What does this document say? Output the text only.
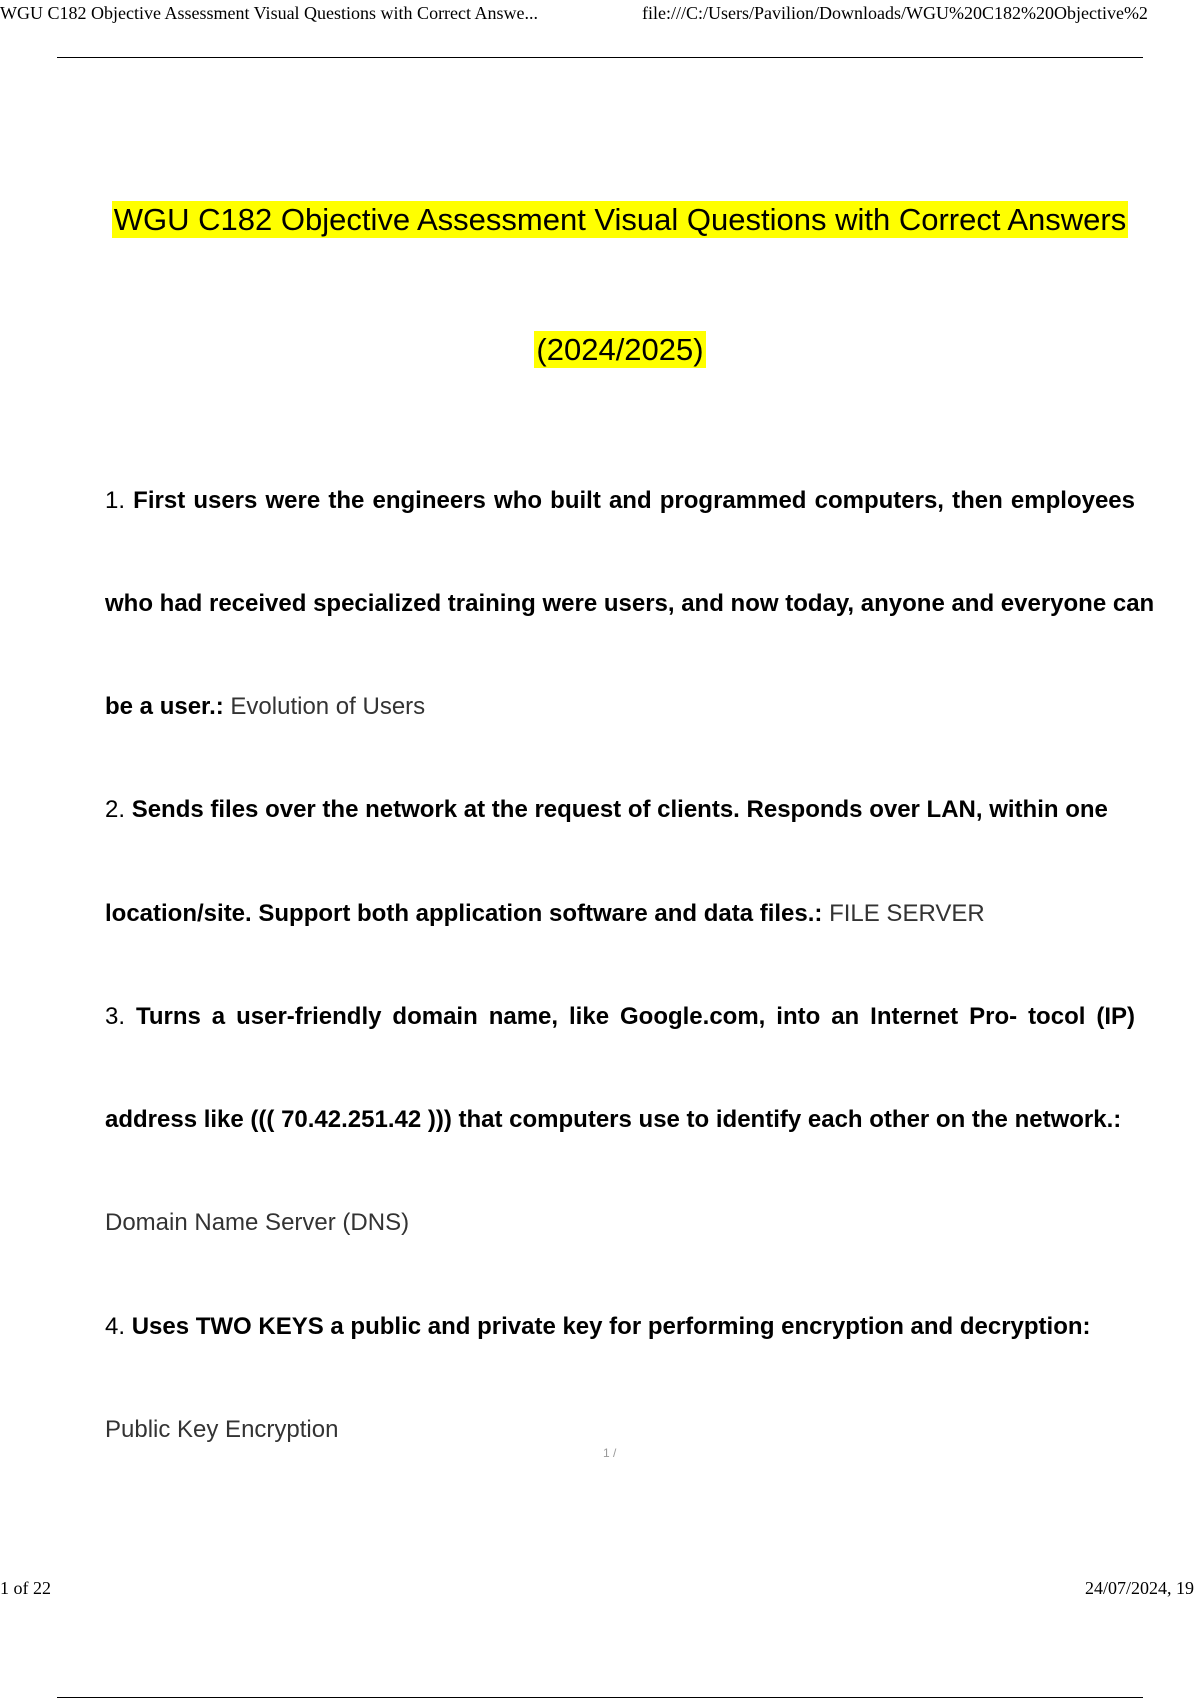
WGU C182 Objective Assessment Visual Questions with Correct Answe...	file:///C:/Users/Pavilion/Downloads/WGU%20C182%20Objective%2
WGU C182 Objective Assessment Visual Questions with Correct Answers
(2024/2025)
1. First users were the engineers who built and programmed computers, then employees
who had received specialized training were users, and now today, anyone and everyone can
be a user.: Evolution of Users
2. Sends files over the network at the request of clients. Responds over LAN, within one
location/site. Support both application software and data files.: FILE SERVER
3. Turns a user-friendly domain name, like Google.com, into an Internet Pro- tocol (IP)
address like ((( 70.42.251.42 ))) that computers use to identify each other on the network.:
Domain Name Server (DNS)
4. Uses TWO KEYS a public and private key for performing encryption and decryption:
Public Key Encryption
1 /
1 of 22	24/07/2024, 19
